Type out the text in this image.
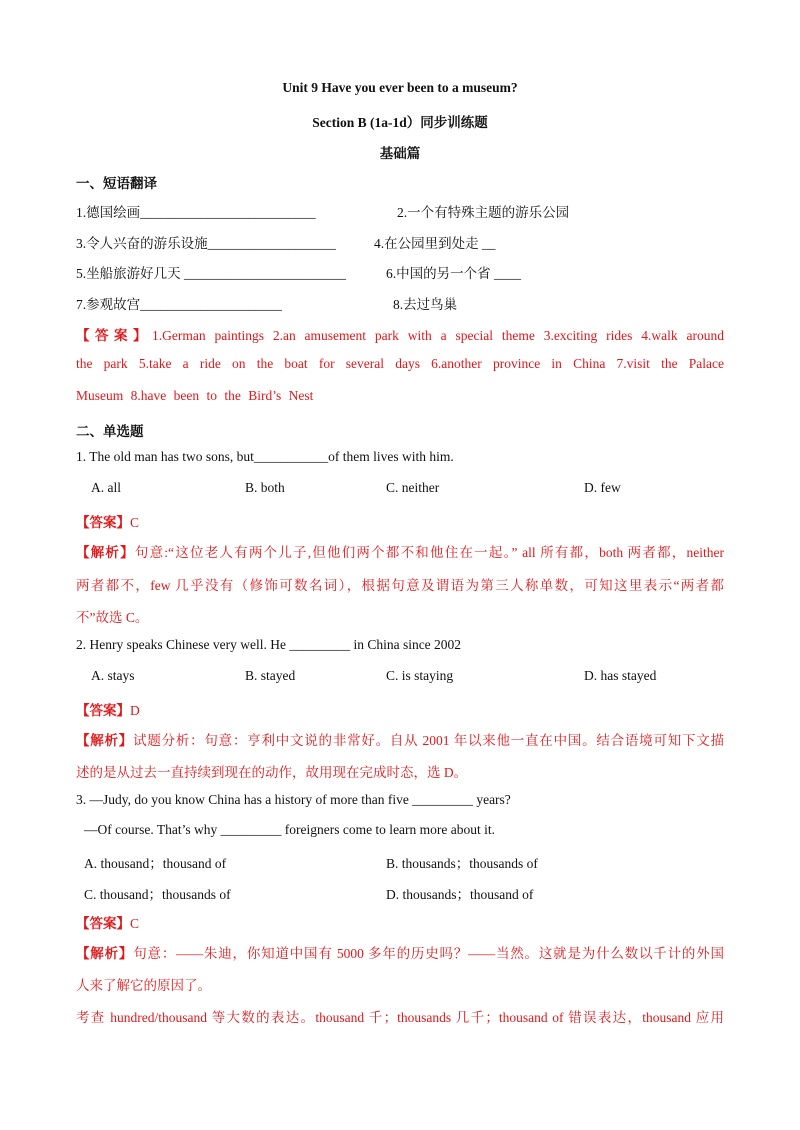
Unit 9 Have you ever been to a museum?
Section B (1a-1d）同步训练题
基础篇
一、短语翻译
1.德国绘画__________________________	2.一个有特殊主题的游乐公园
3.令人兴奋的游乐设施___________________	4.在公园里到处走 __
5.坐船旅游好几天 ________________________	6.中国的另一个省 ____
7.参观故宫_____________________	8.去过鸟巢
【答案】1.German paintings 2.an amusement park with a special theme 3.exciting rides 4.walk around
the park 5.take a ride on the boat for several days 6.another province in China 7.visit the Palace
Museum 8.have been to the Bird’s Nest
二、单选题
1. The old man has two sons, but___________of them lives with him.
A. all	B. both	C. neither	D. few
【答案】C
【解析】句意:“这位老人有两个儿子,但他们两个都不和他住在一起。” all 所有都，both 两者都，neither
两者都不，few 几乎没有（修饰可数名词），根据句意及谓语为第三人称单数，可知这里表示“两者都
不”故选 C。
2. Henry speaks Chinese very well. He _________ in China since 2002
A. stays	B. stayed	C. is staying	D. has stayed
【答案】D
【解析】试题分析：句意：亨利中文说的非常好。自从 2001 年以来他一直在中国。结合语境可知下文描
述的是从过去一直持续到现在的动作，故用现在完成时态，选 D。
3. —Judy, do you know China has a history of more than five _________ years?
—Of course. That’s why _________ foreigners come to learn more about it.
A. thousand；thousand of	B. thousands；thousands of
C. thousand；thousands of	D. thousands；thousand of
【答案】C
【解析】句意：——朱迪，你知道中国有 5000 多年的历史吗？——当然。这就是为什么数以千计的外国
人来了解它的原因了。
考查 hundred/thousand 等大数的表达。thousand 千；thousands 几千；thousand of 错误表达，thousand 应用
